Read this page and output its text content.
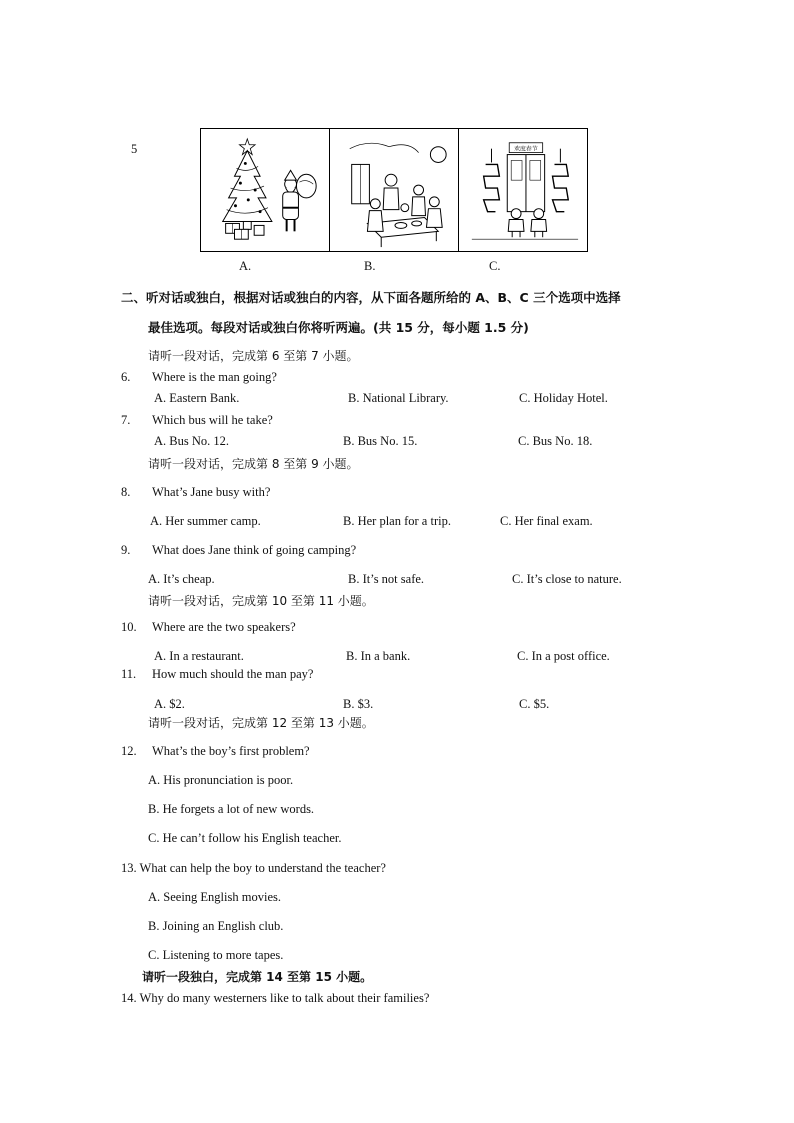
5	欢度春节
A.	B.	C.
二、听对话或独白，根据对话或独白的内容，从下面各题所给的 A、B、C 三个选项中选择
最佳选项。每段对话或独白你将听两遍。(共 15 分，每小题 1.5 分)
请听一段对话，完成第 6 至第 7 小题。
6. Where is the man going?
A. Eastern Bank.	B. National Library.	C. Holiday Hotel.
7. Which bus will he take?
A. Bus No. 12.	B. Bus No. 15.	C. Bus No. 18.
请听一段对话，完成第 8 至第 9 小题。
8. What’s Jane busy with?
A. Her summer camp.	B. Her plan for a trip.	C. Her final exam.
9. What does Jane think of going camping?
A. It’s cheap.	B. It’s not safe.	C. It’s close to nature.
请听一段对话，完成第 10 至第 11 小题。
10. Where are the two speakers?
A. In a restaurant.	B. In a bank.	C. In a post office.
11. How much should the man pay?
A. $2.	B. $3.	C. $5.
请听一段对话，完成第 12 至第 13 小题。
12. What’s the boy’s first problem?
A. His pronunciation is poor.
B. He forgets a lot of new words.
C. He can’t follow his English teacher.
13. What can help the boy to understand the teacher?
A. Seeing English movies.
B. Joining an English club.
C. Listening to more tapes.
请听一段独白，完成第 14 至第 15 小题。
14. Why do many westerners like to talk about their families?
